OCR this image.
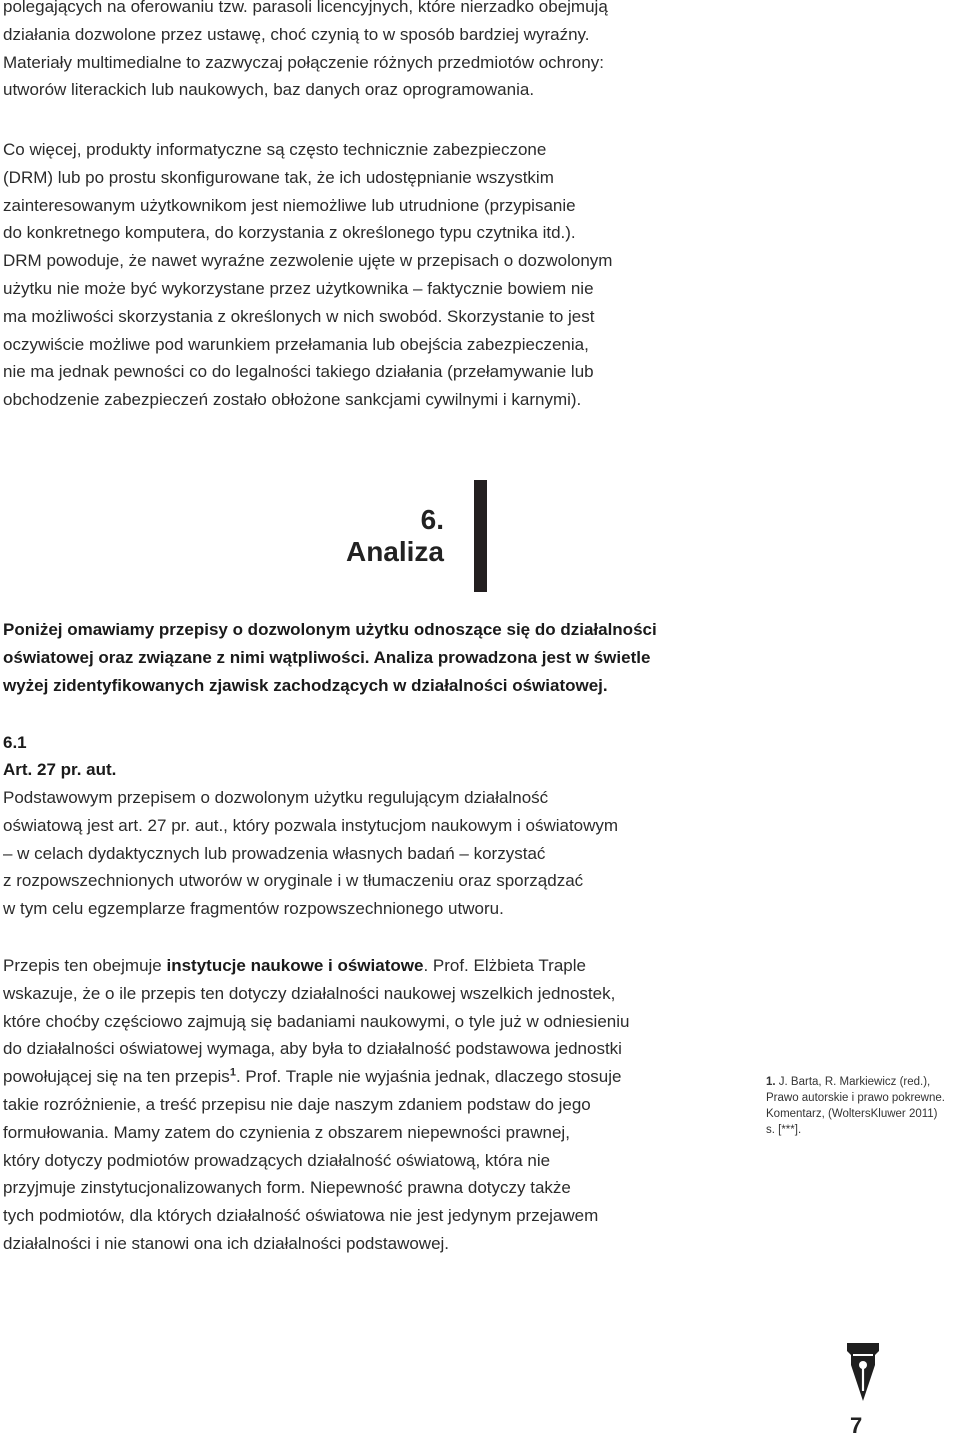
polegających na oferowaniu tzw. parasoli licencyjnych, które nierzadko obejmują
działania dozwolone przez ustawę, choć czynią to w sposób bardziej wyraźny.
Materiały multimedialne to zazwyczaj połączenie różnych przedmiotów ochrony:
utworów literackich lub naukowych, baz danych oraz oprogramowania.
Co więcej, produkty informatyczne są często technicznie zabezpieczone
(DRM) lub po prostu skonfigurowane tak, że ich udostępnianie wszystkim
zainteresowanym użytkownikom jest niemożliwe lub utrudnione (przypisanie
do konkretnego komputera, do korzystania z określonego typu czytnika itd.).
DRM powoduje, że nawet wyraźne zezwolenie ujęte w przepisach o dozwolonym
użytku nie może być wykorzystane przez użytkownika – faktycznie bowiem nie
ma możliwości skorzystania z określonych w nich swobód. Skorzystanie to jest
oczywiście możliwe pod warunkiem przełamania lub obejścia zabezpieczenia,
nie ma jednak pewności co do legalności takiego działania (przełamywanie lub
obchodzenie zabezpieczeń zostało obłożone sankcjami cywilnymi i karnymi).
6.
Analiza
Poniżej omawiamy przepisy o dozwolonym użytku odnoszące się do działalności
oświatowej oraz związane z nimi wątpliwości. Analiza prowadzona jest w świetle
wyżej zidentyfikowanych zjawisk zachodzących w działalności oświatowej.
6.1
Art. 27 pr. aut.
Podstawowym przepisem o dozwolonym użytku regulującym działalność
oświatową jest art. 27 pr. aut., który pozwala instytucjom naukowym i oświatowym
– w celach dydaktycznych lub prowadzenia własnych badań – korzystać
z rozpowszechnionych utworów w oryginale i w tłumaczeniu oraz sporządzać
w tym celu egzemplarze fragmentów rozpowszechnionego utworu.
Przepis ten obejmuje instytucje naukowe i oświatowe. Prof. Elżbieta Traple
wskazuje, że o ile przepis ten dotyczy działalności naukowej wszelkich jednostek,
które choćby częściowo zajmują się badaniami naukowymi, o tyle już w odniesieniu
do działalności oświatowej wymaga, aby była to działalność podstawowa jednostki
powołującej się na ten przepis$^1$. Prof. Traple nie wyjaśnia jednak, dlaczego stosuje
takie rozróżnienie, a treść przepisu nie daje naszym zdaniem podstaw do jego
formułowania. Mamy zatem do czynienia z obszarem niepewności prawnej,
który dotyczy podmiotów prowadzących działalność oświatową, która nie
przyjmuje zinstytucjonalizowanych form. Niepewność prawna dotyczy także
tych podmiotów, dla których działalność oświatowa nie jest jedynym przejawem
działalności i nie stanowi ona ich działalności podstawowej.
1. J. Barta, R. Markiewicz (red.),
Prawo autorskie i prawo pokrewne.
Komentarz, (WoltersKluwer 2011)
s. [***].
7
